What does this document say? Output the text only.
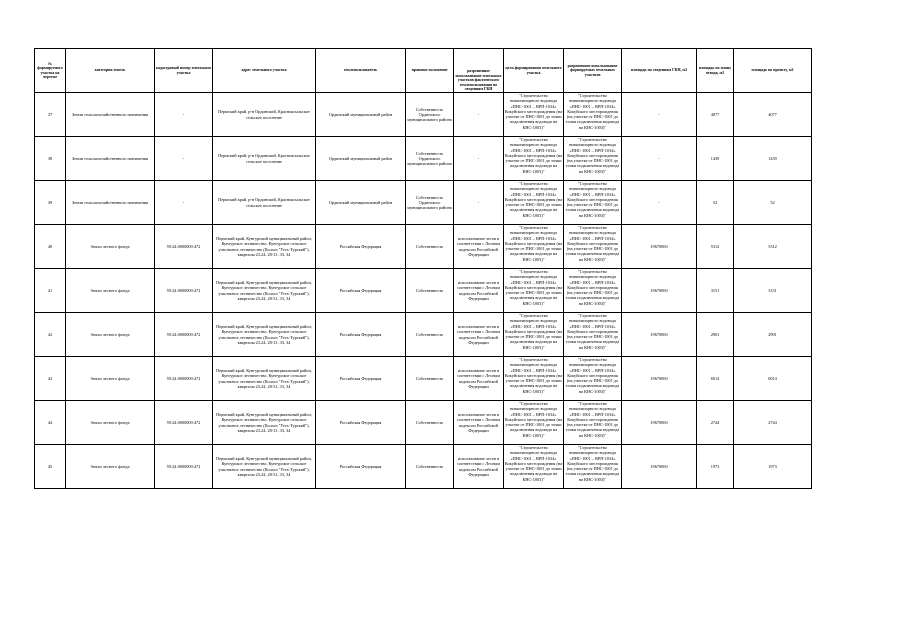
№ формируемого участка на чертеже	категория земель	кадастровый номер земельного участка	адрес земельного участка	землепользователь	правовое положение	разрешенное использование земельных участков фактического землепользования по сведениям ГКН	цель формирования земельного участка	разрешенное использование формируемых земельных участков	площадь по сведениям ГКН, м2	площадь по плану отвода, м2	площадь по проекту, м2

37	Земли сельскохозяйственного назначения	-	Пермский край, р-н Ординский, Красноясыльское сельское поселение	Ординский муниципальный район	Собственность Ординского муниципального района	-	"Строительство низконапорного водовода «ПНС-1001 – ВРП-1034» Кокуйского месторождения (на участке от ПНС-1001 до точки подключения водовода на КНС-1003)"	"Строительство низконапорного водовода «ПНС-1001 – ВРП-1034» Кокуйского месторождения (на участке от ПНС-1001 до точки подключения водовода на КНС-1003)"	-	4077	4077

38	Земли сельскохозяйственного назначения	-	Пермский край, р-н Ординский, Красноясыльское сельское поселение	Ординский муниципальный район	Собственность Ординского муниципального района	-	"Строительство низконапорного водовода «ПНС-1001 – ВРП-1034» Кокуйского месторождения (на участке от ПНС-1001 до точки подключения водовода на КНС-1003)"	"Строительство низконапорного водовода «ПНС-1001 – ВРП-1034» Кокуйского месторождения (на участке от ПНС-1001 до точки подключения водовода на КНС-1003)"	-	1439	1439

39	Земли сельскохозяйственного назначения	-	Пермский край, р-н Ординский, Красноясыльское сельское поселение	Ординский муниципальный район	Собственность Ординского муниципального района	-	"Строительство низконапорного водовода «ПНС-1001 – ВРП-1034» Кокуйского месторождения (на участке от ПНС-1001 до точки подключения водовода на КНС-1003)"	"Строительство низконапорного водовода «ПНС-1001 – ВРП-1034» Кокуйского месторождения (на участке от ПНС-1001 до точки подключения водовода на КНС-1003)"	-	52	52

40	Земли лесного фонда	59:24:0000000:472	Пермский край, Кунгурский муниципальный район, Кунгурское лесничество, Кунгурское сельское участковое лесничество (Колхоз "Усть-Турский"), кварталы 23,24, 28-31, 33, 34	Российская Федерация	Собственность	использование лесов в соответствии с Лесным кодексом Российской Федерации	"Строительство низконапорного водовода «ПНС-1001 – ВРП-1034» Кокуйского месторождения (на участке от ПНС-1001 до точки подключения водовода на КНС-1003)"	"Строительство низконапорного водовода «ПНС-1001 – ВРП-1034» Кокуйского месторождения (на участке от ПНС-1001 до точки подключения водовода на КНС-1003)"	19670000	5312	5312

41	Земли лесного фонда	59:24:0000000:472	Пермский край, Кунгурский муниципальный район, Кунгурское лесничество, Кунгурское сельское участковое лесничество (Колхоз "Усть-Турский"), кварталы 23,24, 28-31, 33, 34	Российская Федерация	Собственность	использование лесов в соответствии с Лесным кодексом Российской Федерации	"Строительство низконапорного водовода «ПНС-1001 – ВРП-1034» Кокуйского месторождения (на участке от ПНС-1001 до точки подключения водовода на КНС-1003)"	"Строительство низконапорного водовода «ПНС-1001 – ВРП-1034» Кокуйского месторождения (на участке от ПНС-1001 до точки подключения водовода на КНС-1003)"	19670000	3151	3151

42	Земли лесного фонда	59:24:0000000:472	Пермский край, Кунгурский муниципальный район, Кунгурское лесничество, Кунгурское сельское участковое лесничество (Колхоз "Усть-Турский"), кварталы 23,24, 28-31, 33, 34	Российская Федерация	Собственность	использование лесов в соответствии с Лесным кодексом Российской Федерации	"Строительство низконапорного водовода «ПНС-1001 – ВРП-1034» Кокуйского месторождения (на участке от ПНС-1001 до точки подключения водовода на КНС-1003)"	"Строительство низконапорного водовода «ПНС-1001 – ВРП-1034» Кокуйского месторождения (на участке от ПНС-1001 до точки подключения водовода на КНС-1003)"	19670000	2901	2901

43	Земли лесного фонда	59:24:0000000:472	Пермский край, Кунгурский муниципальный район, Кунгурское лесничество, Кунгурское сельское участковое лесничество (Колхоз "Усть-Турский"), кварталы 23,24, 28-31, 33, 34	Российская Федерация	Собственность	использование лесов в соответствии с Лесным кодексом Российской Федерации	"Строительство низконапорного водовода «ПНС-1001 – ВРП-1034» Кокуйского месторождения (на участке от ПНС-1001 до точки подключения водовода на КНС-1003)"	"Строительство низконапорного водовода «ПНС-1001 – ВРП-1034» Кокуйского месторождения (на участке от ПНС-1001 до точки подключения водовода на КНС-1003)"	19670000	6014	6014

44	Земли лесного фонда	59:24:0000000:472	Пермский край, Кунгурский муниципальный район, Кунгурское лесничество, Кунгурское сельское участковое лесничество (Колхоз "Усть-Турский"), кварталы 23,24, 28-31, 33, 34	Российская Федерация	Собственность	использование лесов в соответствии с Лесным кодексом Российской Федерации	"Строительство низконапорного водовода «ПНС-1001 – ВРП-1034» Кокуйского месторождения (на участке от ПНС-1001 до точки подключения водовода на КНС-1003)"	"Строительство низконапорного водовода «ПНС-1001 – ВРП-1034» Кокуйского месторождения (на участке от ПНС-1001 до точки подключения водовода на КНС-1003)"	19670000	2744	2744

45	Земли лесного фонда	59:24:0000000:472	Пермский край, Кунгурский муниципальный район, Кунгурское лесничество, Кунгурское сельское участковое лесничество (Колхоз "Усть-Турский"), кварталы 23,24, 28-31, 33, 34	Российская Федерация	Собственность	использование лесов в соответствии с Лесным кодексом Российской Федерации	"Строительство низконапорного водовода «ПНС-1001 – ВРП-1034» Кокуйского месторождения (на участке от ПНС-1001 до точки подключения водовода на КНС-1003)"	"Строительство низконапорного водовода «ПНС-1001 – ВРП-1034» Кокуйского месторождения (на участке от ПНС-1001 до точки подключения водовода на КНС-1003)"	19670000	1973	1973
